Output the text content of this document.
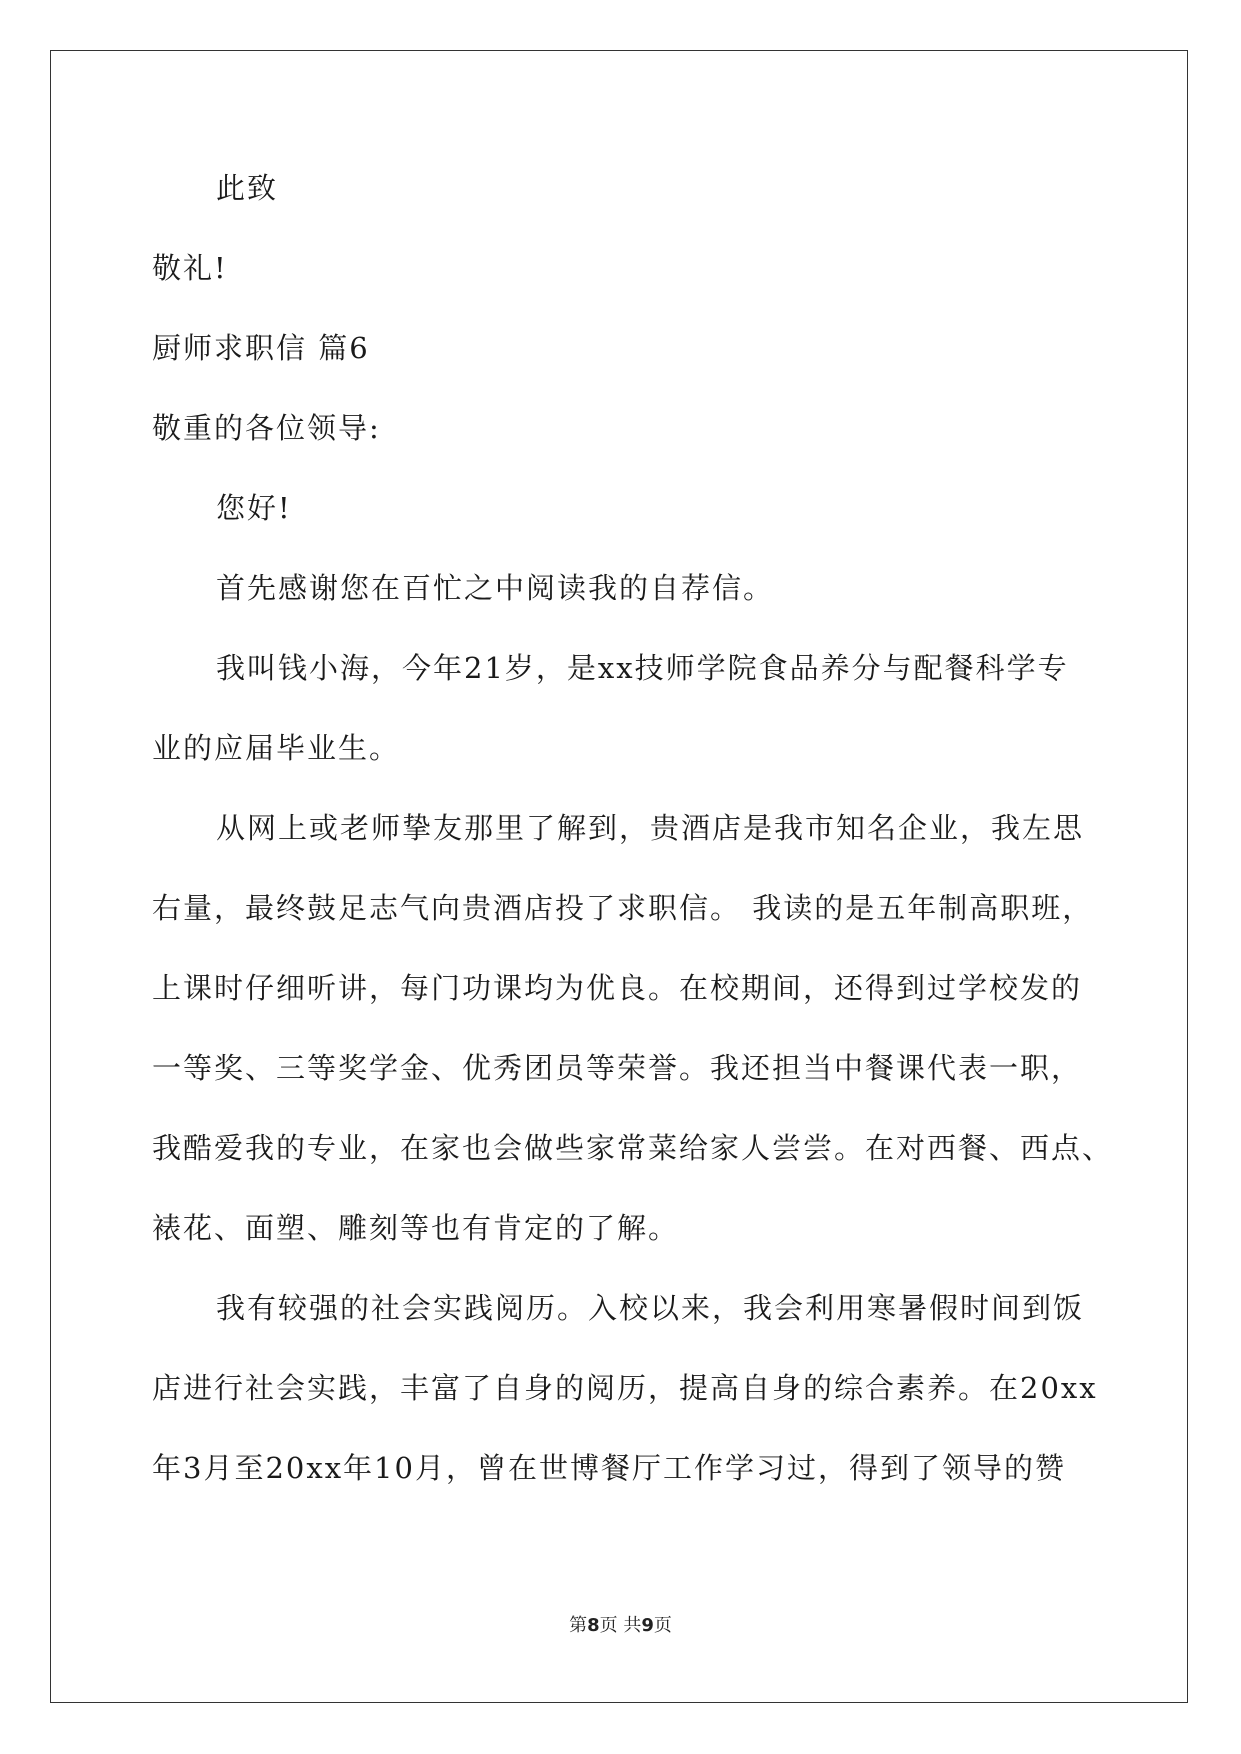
此致
敬礼!
厨师求职信 篇6
敬重的各位领导:
您好!
首先感谢您在百忙之中阅读我的自荐信。
我叫钱小海，今年21岁，是xx技师学院食品养分与配餐科学专
业的应届毕业生。
从网上或老师挚友那里了解到，贵酒店是我市知名企业，我左思
右量，最终鼓足志气向贵酒店投了求职信。 我读的是五年制高职班，
上课时仔细听讲，每门功课均为优良。在校期间，还得到过学校发的
一等奖、三等奖学金、优秀团员等荣誉。我还担当中餐课代表一职，
我酷爱我的专业，在家也会做些家常菜给家人尝尝。在对西餐、西点、
裱花、面塑、雕刻等也有肯定的了解。
我有较强的社会实践阅历。入校以来，我会利用寒暑假时间到饭
店进行社会实践，丰富了自身的阅历，提高自身的综合素养。在20xx
年3月至20xx年10月，曾在世博餐厅工作学习过，得到了领导的赞
第8页 共9页
